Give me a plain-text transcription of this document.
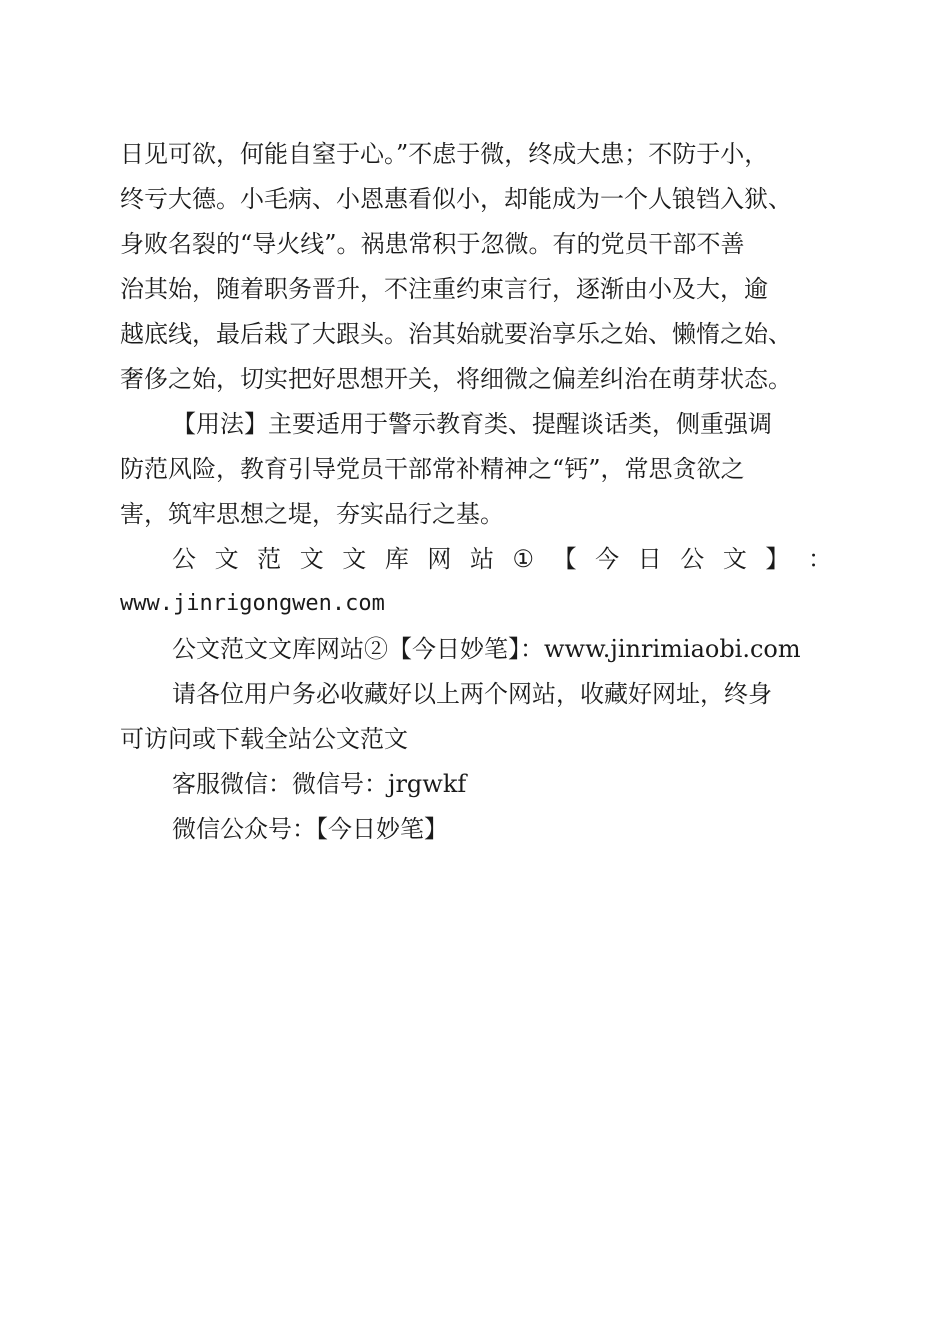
日见可欲，何能自窒于心。”不虑于微，终成大患；不防于小，
终亏大德。小毛病、小恩惠看似小，却能成为一个人锒铛入狱、
身败名裂的“导火线”。祸患常积于忽微。有的党员干部不善
治其始，随着职务晋升，不注重约束言行，逐渐由小及大，逾
越底线，最后栽了大跟头。治其始就要治享乐之始、懒惰之始、
奢侈之始，切实把好思想开关，将细微之偏差纠治在萌芽状态。
【用法】主要适用于警示教育类、提醒谈话类，侧重强调
防范风险，教育引导党员干部常补精神之“钙”，常思贪欲之
害，筑牢思想之堤，夯实品行之基。
公 文 范 文 文 库 网 站 ① 【 今 日 公 文 】 ：
www.jinrigongwen.com
公文范文文库网站②【今日妙笔】：www.jinrimiaobi.com
请各位用户务必收藏好以上两个网站，收藏好网址，终身
可访问或下载全站公文范文
客服微信：微信号：jrgwkf
微信公众号：【今日妙笔】
